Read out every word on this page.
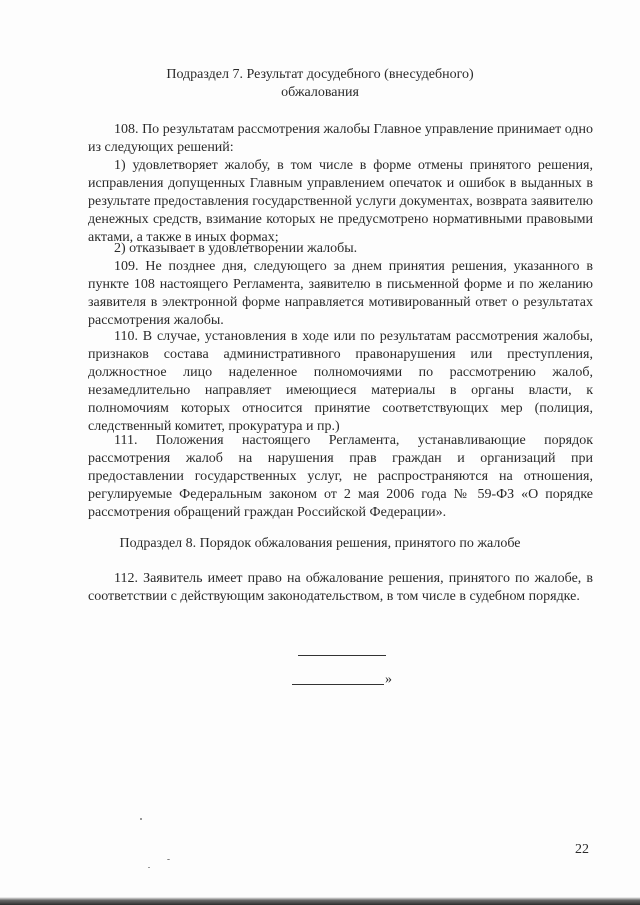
Подраздел 7. Результат досудебного (внесудебного)
обжалования

108. По результатам рассмотрения жалобы Главное управление принимает одно из следующих решений:

1) удовлетворяет жалобу, в том числе в форме отмены принятого решения, исправления допущенных Главным управлением опечаток и ошибок в выданных в результате предоставления государственной услуги документах, возврата заявителю денежных средств, взимание которых не предусмотрено нормативными правовыми актами, а также в иных формах;

2) отказывает в удовлетворении жалобы.

109. Не позднее дня, следующего за днем принятия решения, указанного в пункте 108 настоящего Регламента, заявителю в письменной форме и по желанию заявителя в электронной форме направляется мотивированный ответ о результатах рассмотрения жалобы.

110. В случае, установления в ходе или по результатам рассмотрения жалобы, признаков состава административного правонарушения или преступления, должностное лицо наделенное полномочиями по рассмотрению жалоб, незамедлительно направляет имеющиеся материалы в органы власти, к полномочиям которых относится принятие соответствующих мер (полиция, следственный комитет, прокуратура и пр.)

111. Положения настоящего Регламента, устанавливающие порядок рассмотрения жалоб на нарушения прав граждан и организаций при предоставлении государственных услуг, не распространяются на отношения, регулируемые Федеральным законом от 2 мая 2006 года № 59-ФЗ «О порядке рассмотрения обращений граждан Российской Федерации».

Подраздел 8. Порядок обжалования решения, принятого по жалобе

112. Заявитель имеет право на обжалование решения, принятого по жалобе, в соответствии с действующим законодательством, в том числе в судебном порядке.

»
22
